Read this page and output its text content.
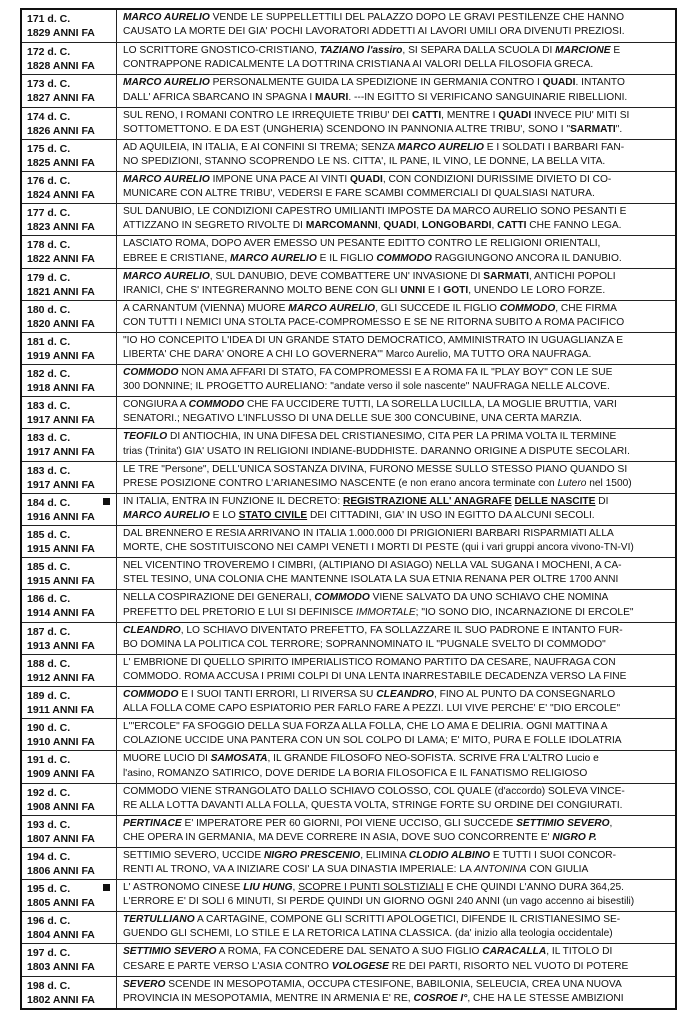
171 d. C.
1829 ANNI FA
MARCO AURELIO VENDE LE SUPPELLETTILI DEL PALAZZO DOPO LE GRAVI PESTILENZE CHE HANNO
CAUSATO LA MORTE DEI GIA' POCHI LAVORATORI ADDETTI AI LAVORI UMILI ORA DIVENUTI PREZIOSI.
172 d. C.
1828 ANNI FA
LO SCRITTORE GNOSTICO-CRISTIANO, TAZIANO l'assiro, SI SEPARA DALLA SCUOLA DI MARCIONE E
CONTRAPPONE RADICALMENTE LA DOTTRINA CRISTIANA AI VALORI DELLA FILOSOFIA GRECA.
173 d. C.
1827 ANNI FA
MARCO AURELIO PERSONALMENTE GUIDA LA SPEDIZIONE IN GERMANIA CONTRO I QUADI. INTANTO
DALL' AFRICA SBARCANO IN SPAGNA I MAURI. ---IN EGITTO SI VERIFICANO SANGUINARIE RIBELLIONI.
174 d. C.
1826 ANNI FA
SUL RENO, I ROMANI CONTRO LE IRREQUIETE TRIBU' DEI CATTI, MENTRE I QUADI INVECE PIU' MITI SI
SOTTOMETTONO. E DA EST (UNGHERIA) SCENDONO IN PANNONIA ALTRE TRIBU', SONO I "SARMATI".
175 d. C.
1825 ANNI FA
AD AQUILEIA, IN ITALIA, E AI CONFINI SI TREMA; SENZA MARCO AURELIO E I SOLDATI I BARBARI FAN-
NO SPEDIZIONI, STANNO SCOPRENDO LE NS. CITTA', IL PANE, IL VINO, LE DONNE, LA BELLA VITA.
176 d. C.
1824 ANNI FA
MARCO AURELIO IMPONE UNA PACE AI VINTI QUADI, CON CONDIZIONI DURISSIME DIVIETO DI CO-
MUNICARE CON ALTRE TRIBU', VEDERSI E FARE SCAMBI COMMERCIALI DI QUALSIASI NATURA.
177 d. C.
1823 ANNI FA
SUL DANUBIO, LE CONDIZIONI CAPESTRO UMILIANTI IMPOSTE DA MARCO AURELIO SONO PESANTI E
ATTIZZANO IN SEGRETO RIVOLTE DI MARCOMANNI, QUADI, LONGOBARDI, CATTI CHE FANNO LEGA.
178 d. C.
1822 ANNI FA
LASCIATO ROMA, DOPO AVER EMESSO UN PESANTE EDITTO CONTRO LE RELIGIONI ORIENTALI,
EBREE E CRISTIANE, MARCO AURELIO E IL FIGLIO COMMODO RAGGIUNGONO ANCORA IL DANUBIO.
179 d. C.
1821 ANNI FA
MARCO AURELIO, SUL DANUBIO, DEVE COMBATTERE UN' INVASIONE DI SARMATI, ANTICHI POPOLI
IRANICI, CHE S' INTEGRERANNO MOLTO BENE CON GLI UNNI E I GOTI, UNENDO LE LORO FORZE.
180 d. C.
1820 ANNI FA
A CARNANTUM (VIENNA) MUORE MARCO AURELIO, GLI SUCCEDE IL FIGLIO COMMODO, CHE FIRMA
CON TUTTI I NEMICI UNA STOLTA PACE-COMPROMESSO E SE NE RITORNA SUBITO A ROMA PACIFICO
181 d. C.
1919 ANNI FA
"IO HO CONCEPITO L'IDEA DI UN GRANDE STATO DEMOCRATICO, AMMINISTRATO IN UGUAGLIANZA E
LIBERTA' CHE DARA' ONORE A CHI LO GOVERNERA'" Marco Aurelio, MA TUTTO ORA NAUFRAGA.
182 d. C.
1918 ANNI FA
COMMODO NON AMA AFFARI DI STATO, FA COMPROMESSI E A ROMA FA IL "PLAY BOY" CON LE SUE
300 DONNINE; IL PROGETTO AURELIANO: "andate verso il sole nascente" NAUFRAGA NELLE ALCOVE.
183 d. C.
1917 ANNI FA
CONGIURA A COMMODO CHE FA UCCIDERE TUTTI, LA SORELLA LUCILLA, LA MOGLIE BRUTTIA, VARI
SENATORI.; NEGATIVO L'INFLUSSO DI UNA DELLE SUE 300 CONCUBINE, UNA CERTA MARZIA.
183 d. C.
1917 ANNI FA
TEOFILO DI ANTIOCHIA, IN UNA DIFESA DEL CRISTIANESIMO, CITA PER LA PRIMA VOLTA IL TERMINE
trias (Trinita') GIA' USATO IN RELIGIONI INDIANE-BUDDHISTE. DARANNO ORIGINE A DISPUTE SECOLARI.
183 d. C.
1917 ANNI FA
LE TRE "Persone", DELL'UNICA SOSTANZA DIVINA, FURONO MESSE SULLO STESSO PIANO QUANDO SI
PRESE POSIZIONE CONTRO L'ARIANESIMO NASCENTE (e non erano ancora terminate con Lutero nel 1500)
184 d. C.
1916 ANNI FA
IN ITALIA, ENTRA IN FUNZIONE IL DECRETO: REGISTRAZIONE ALL' ANAGRAFE DELLE NASCITE DI
MARCO AURELIO E LO STATO CIVILE DEI CITTADINI, GIA' IN USO IN EGITTO DA ALCUNI SECOLI.
185 d. C.
1915 ANNI FA
DAL BRENNERO E RESIA ARRIVANO IN ITALIA 1.000.000 DI PRIGIONIERI BARBARI RISPARMIATI ALLA
MORTE, CHE SOSTITUISCONO NEI CAMPI VENETI I MORTI DI PESTE (qui i vari gruppi ancora vivono-TN-VI)
185 d. C.
1915 ANNI FA
NEL VICENTINO TROVEREMO I CIMBRI, (ALTIPIANO DI ASIAGO) NELLA VAL SUGANA I MOCHENI, A CA-
STEL TESINO, UNA COLONIA CHE MANTENNE ISOLATA LA SUA ETNIA RENANA PER OLTRE 1700 ANNI
186 d. C.
1914 ANNI FA
NELLA COSPIRAZIONE DEI GENERALI, COMMODO VIENE SALVATO DA UNO SCHIAVO CHE NOMINA
PREFETTO DEL PRETORIO E LUI SI DEFINISCE IMMORTALE; "IO SONO DIO, INCARNAZIONE DI ERCOLE"
187 d. C.
1913 ANNI FA
CLEANDRO, LO SCHIAVO DIVENTATO PREFETTO, FA SOLLAZZARE IL SUO PADRONE E INTANTO FUR-
BO DOMINA LA POLITICA COL TERRORE; SOPRANNOMINATO IL "PUGNALE SVELTO DI COMMODO"
188 d. C.
1912 ANNI FA
L' EMBRIONE DI QUELLO SPIRITO IMPERIALISTICO ROMANO PARTITO DA CESARE, NAUFRAGA CON
COMMODO. ROMA ACCUSA I PRIMI COLPI DI UNA LENTA INARRESTABILE DECADENZA VERSO LA FINE
189 d. C.
1911 ANNI FA
COMMODO E I SUOI TANTI ERRORI, LI RIVERSA SU CLEANDRO, FINO AL PUNTO DA CONSEGNARLO
ALLA FOLLA COME CAPO ESPIATORIO PER FARLO FARE A PEZZI. LUI VIVE PERCHE' E' "DIO ERCOLE"
190 d. C.
1910 ANNI FA
L'"ERCOLE" FA SFOGGIO DELLA SUA FORZA ALLA FOLLA, CHE LO AMA E DELIRIA. OGNI MATTINA A
COLAZIONE UCCIDE UNA PANTERA CON UN SOL COLPO DI LAMA; E' MITO, PURA E FOLLE IDOLATRIA
191 d. C.
1909 ANNI FA
MUORE LUCIO DI SAMOSATA, IL GRANDE FILOSOFO NEO-SOFISTA. SCRIVE FRA L'ALTRO Lucio e
l'asino, ROMANZO SATIRICO, DOVE DERIDE LA BORIA FILOSOFICA E IL FANATISMO RELIGIOSO
192 d. C.
1908 ANNI FA
COMMODO VIENE STRANGOLATO DALLO SCHIAVO COLOSSO, COL QUALE (d'accordo) SOLEVA VINCE-
RE ALLA LOTTA DAVANTI ALLA FOLLA, QUESTA VOLTA, STRINGE FORTE SU ORDINE DEI CONGIURATI.
193 d. C.
1807 ANNI FA
PERTINACE E' IMPERATORE PER 60 GIORNI, POI VIENE UCCISO, GLI SUCCEDE SETTIMIO SEVERO,
CHE OPERA IN GERMANIA, MA DEVE CORRERE IN ASIA, DOVE SUO CONCORRENTE E' NIGRO P.
194 d. C.
1806 ANNI FA
SETTIMIO SEVERO, UCCIDE NIGRO PRESCENIO, ELIMINA CLODIO ALBINO E TUTTI I SUOI CONCOR-
RENTI AL TRONO, VA A INIZIARE COSI' LA SUA DINASTIA IMPERIALE: LA ANTONINA CON GIULIA
195 d. C.
1805 ANNI FA
L' ASTRONOMO CINESE LIU HUNG, SCOPRE I PUNTI SOLSTIZIALI E CHE QUINDI L'ANNO DURA 364,25.
L'ERRORE E' DI SOLI 6 MINUTI, SI PERDE QUINDI UN GIORNO OGNI 240 ANNI (un vago accenno ai bisestili)
196 d. C.
1804 ANNI FA
TERTULLIANO A CARTAGINE, COMPONE GLI SCRITTI APOLOGETICI, DIFENDE IL CRISTIANESIMO SE-
GUENDO GLI SCHEMI, LO STILE E LA RETORICA LATINA CLASSICA. (da' inizio alla teologia occidentale)
197 d. C.
1803 ANNI FA
SETTIMIO SEVERO A ROMA, FA CONCEDERE DAL SENATO A SUO FIGLIO CARACALLA, IL TITOLO DI
CESARE E PARTE VERSO L'ASIA CONTRO VOLOGESE RE DEI PARTI, RISORTO NEL VUOTO DI POTERE
198 d. C.
1802 ANNI FA
SEVERO SCENDE IN MESOPOTAMIA, OCCUPA CTESIFONE, BABILONIA, SELEUCIA, CREA UNA NUOVA
PROVINCIA IN MESOPOTAMIA, MENTRE IN ARMENIA E' RE, COSROE I°, CHE HA LE STESSE AMBIZIONI
